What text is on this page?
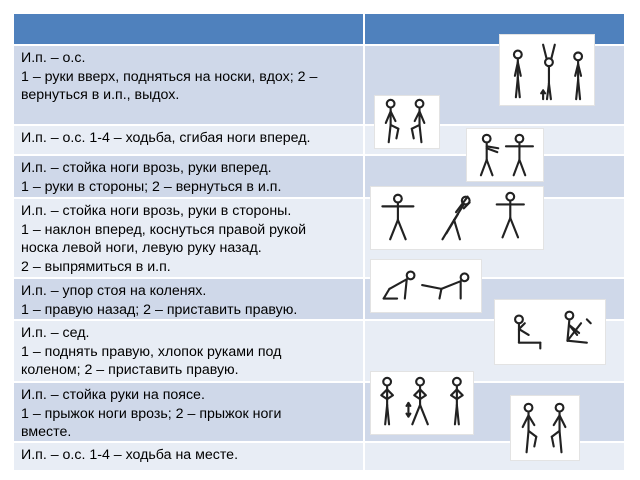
И.п. – о.с.
1 – руки вверх, подняться на носки, вдох; 2 –
вернуться в и.п., выдох.
И.п. – о.с. 1-4 – ходьба, сгибая ноги вперед.
И.п. – стойка ноги врозь, руки вперед.
1 – руки в стороны; 2 – вернуться в и.п.
И.п. – стойка ноги врозь, руки в стороны.
1 – наклон вперед, коснуться правой рукой
носка левой ноги, левую руку назад.
2 – выпрямиться в и.п.
И.п. – упор стоя на коленях.
1 – правую назад; 2 – приставить правую.
И.п. – сед.
1 – поднять правую, хлопок руками под
коленом; 2 – приставить правую.
И.п. – стойка руки на поясе.
1 – прыжок ноги врозь; 2 – прыжок ноги
вместе.
И.п. – о.с. 1-4 – ходьба на месте.
